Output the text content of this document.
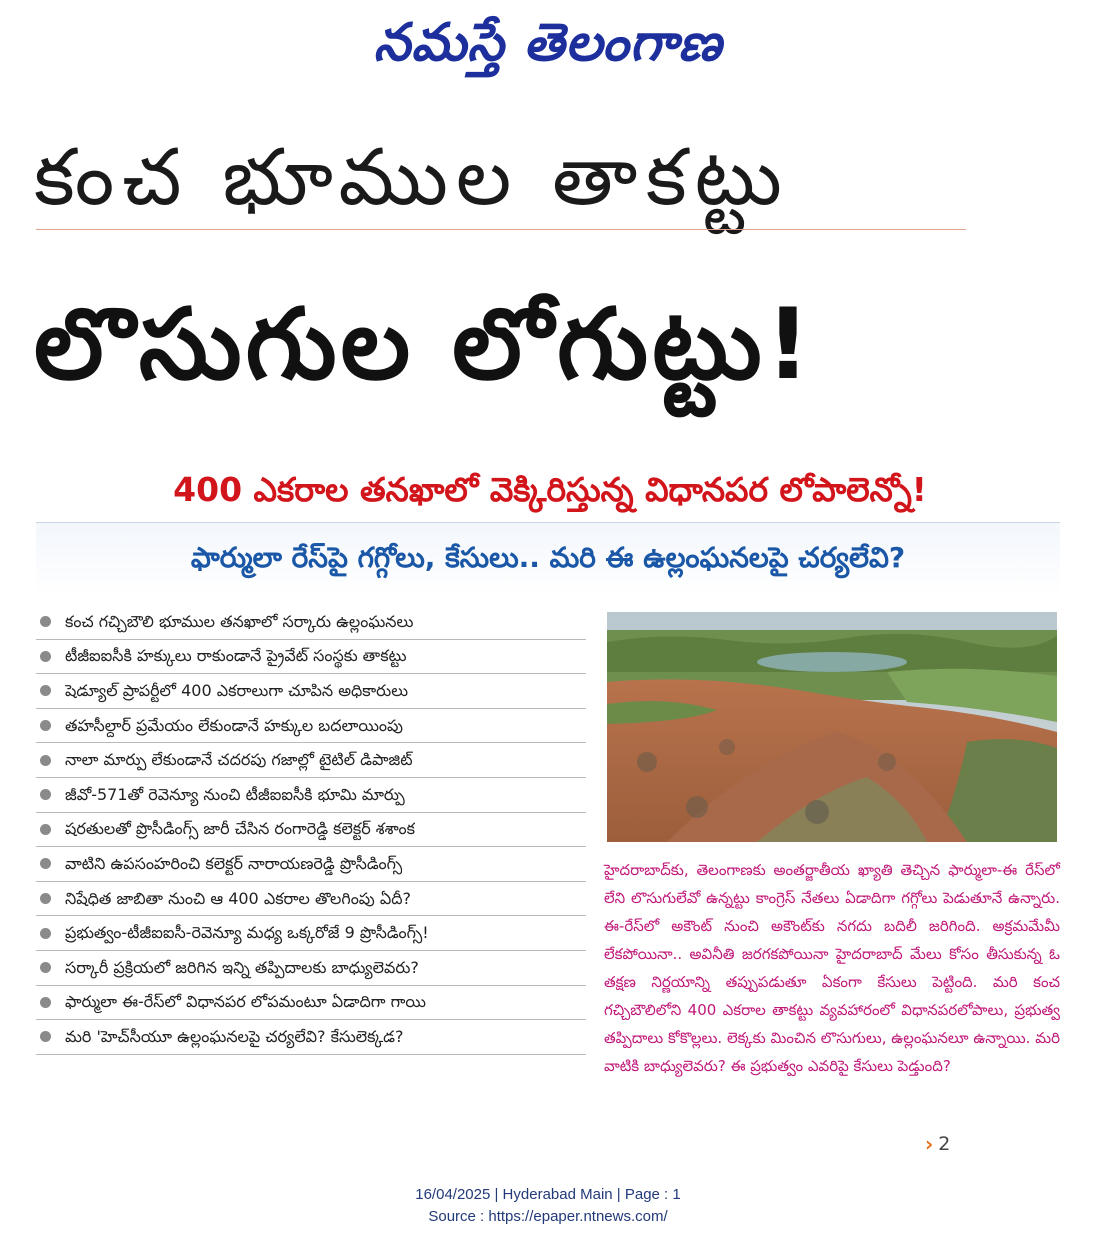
నమస్తే తెలంగాణ
కంచ భూముల తాకట్టు
లొసుగుల లోగుట్టు!
400 ఎకరాల తనఖాలో వెక్కిరిస్తున్న విధానపర లోపాలెన్నో!
ఫార్ములా రేస్‌పై గగ్గోలు, కేసులు.. మరి ఈ ఉల్లంఘనలపై చర్యలేవి?
కంచ గచ్చిబౌలి భూముల తనఖాలో సర్కారు ఉల్లంఘనలు
టీజీఐఐసీకి హక్కులు రాకుండానే ప్రైవేట్ సంస్థకు తాకట్టు
షెడ్యూల్ ప్రాపర్టీలో 400 ఎకరాలుగా చూపిన అధికారులు
తహసీల్దార్ ప్రమేయం లేకుండానే హక్కుల బదలాయింపు
నాలా మార్పు లేకుండానే చదరపు గజాల్లో టైటిల్ డిపాజిట్
జీవో-571తో రెవెన్యూ నుంచి టీజీఐఐసీకి భూమి మార్పు
షరతులతో ప్రొసీడింగ్స్ జారీ చేసిన రంగారెడ్డి కలెక్టర్ శశాంక
వాటిని ఉపసంహరించి కలెక్టర్ నారాయణరెడ్డి ప్రొసీడింగ్స్
నిషేధిత జాబితా నుంచి ఆ 400 ఎకరాల తొలగింపు ఏదీ?
ప్రభుత్వం-టీజీఐఐసీ-రెవెన్యూ మధ్య ఒక్కరోజే 9 ప్రొసీడింగ్స్!
సర్కారీ ప్రక్రియలో జరిగిన ఇన్ని తప్పిదాలకు బాధ్యులెవరు?
ఫార్ములా ఈ-రేస్‌లో విధానపర లోపమంటూ ఏడాదిగా గాయి
మరి 'హెచ్‌సీయూ ఉల్లంఘనలపై చర్యలేవి? కేసులెక్కడ?
హైదరాబాద్‌కు, తెలంగాణకు అంతర్జాతీయ ఖ్యాతి తెచ్చిన ఫార్ములా-ఈ రేస్‌లో లేని లొసుగులేవో ఉన్నట్టు కాంగ్రెస్ నేతలు ఏడాదిగా గగ్గోలు పెడుతూనే ఉన్నారు. ఈ-రేస్‌లో అకౌంట్ నుంచి అకౌంట్‌కు నగదు బదిలీ జరిగింది. అక్రమమేమీ లేకపోయినా.. అవినీతి జరగకపోయినా హైదరాబాద్ మేలు కోసం తీసుకున్న ఓ తక్షణ నిర్ణయాన్ని తప్పుపడుతూ ఏకంగా కేసులు పెట్టింది. మరి కంచ గచ్చిబౌలిలోని 400 ఎకరాల తాకట్టు వ్యవహారంలో విధానపరలోపాలు, ప్రభుత్వ తప్పిదాలు కోకొల్లలు. లెక్కకు మించిన లొసుగులు, ఉల్లంఘనలూ ఉన్నాయి. మరి వాటికి బాధ్యులెవరు? ఈ ప్రభుత్వం ఎవరిపై కేసులు పెడ్తుంది?
› 2
16/04/2025 | Hyderabad Main | Page : 1
Source : https://epaper.ntnews.com/
